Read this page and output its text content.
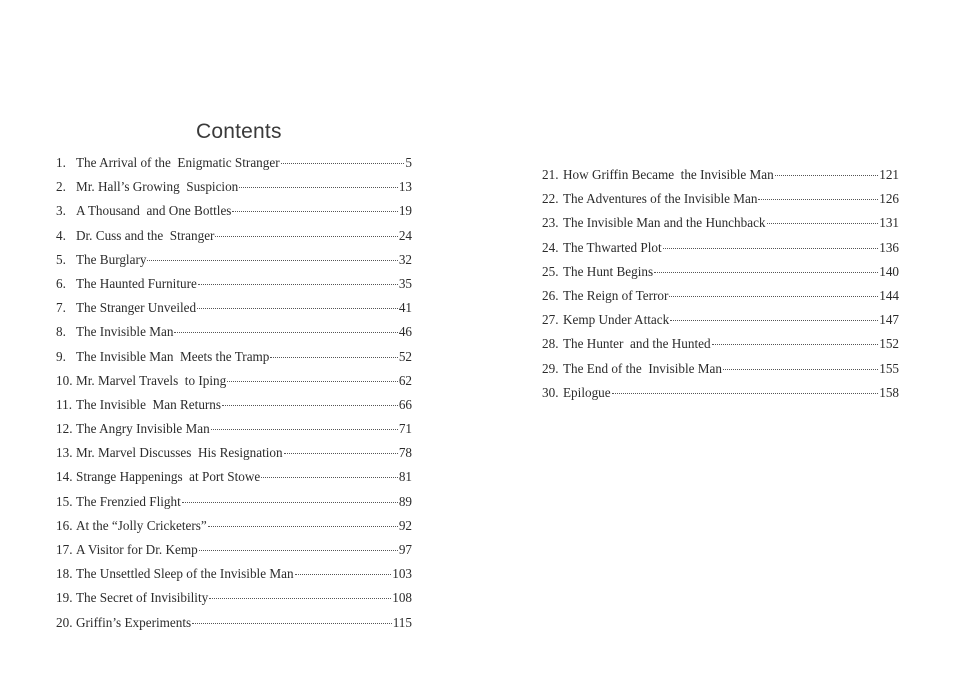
Contents
1. The Arrival of the  Enigmatic Stranger	5
2. Mr. Hall’s Growing  Suspicion	13
3. A Thousand  and One Bottles	19
4. Dr. Cuss and the  Stranger	24
5. The Burglary	32
6. The Haunted Furniture	35
7. The Stranger Unveiled	41
8. The Invisible Man	46
9. The Invisible Man  Meets the Tramp	52
10. Mr. Marvel Travels  to Iping	62
11. The Invisible  Man Returns	66
12. The Angry Invisible Man	71
13. Mr. Marvel Discusses  His Resignation	78
14. Strange Happenings  at Port Stowe	81
15. The Frenzied Flight	89
16. At the “Jolly Cricketers”	92
17. A Visitor for Dr. Kemp	97
18. The Unsettled Sleep of the Invisible Man	103
19. The Secret of Invisibility	108
20. Griffin’s Experiments	115
21. How Griffin Became  the Invisible Man	121
22. The Adventures of the Invisible Man	126
23. The Invisible Man and the Hunchback	131
24. The Thwarted Plot	136
25. The Hunt Begins	140
26. The Reign of Terror	144
27. Kemp Under Attack	147
28. The Hunter  and the Hunted	152
29. The End of the  Invisible Man	155
30. Epilogue	158
